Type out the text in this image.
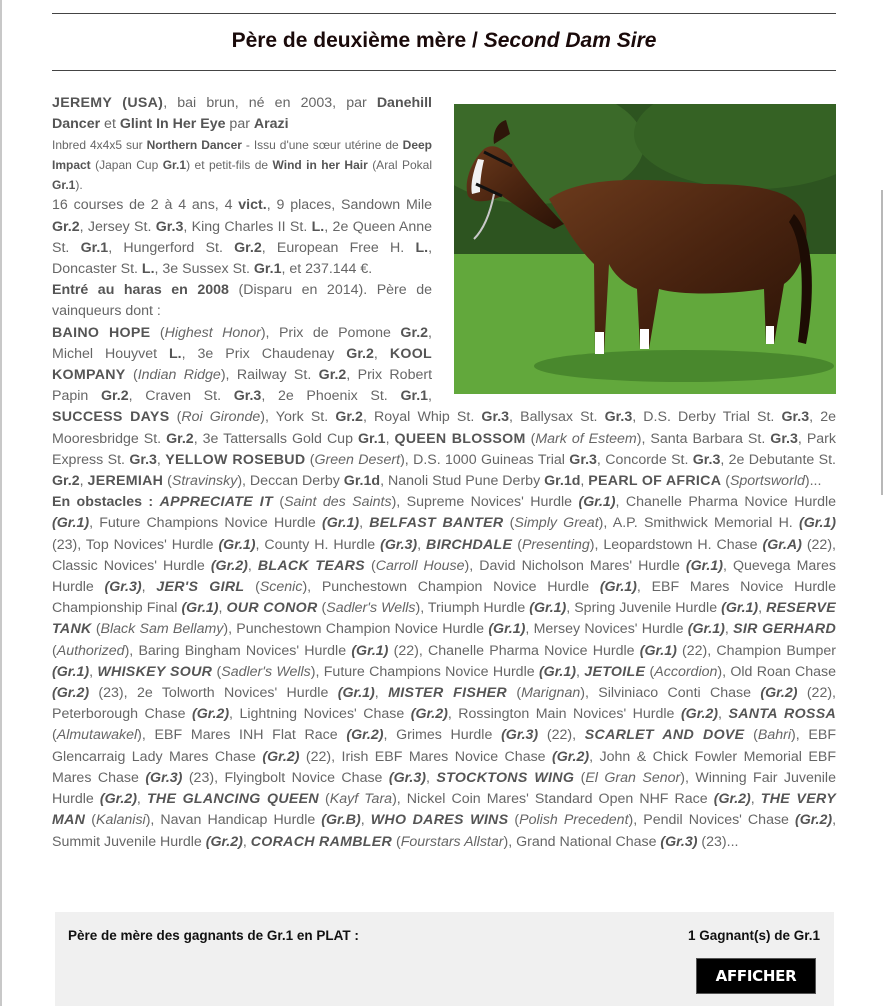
Père de deuxième mère / Second Dam Sire
JEREMY (USA), bai brun, né en 2003, par Danehill Dancer et Glint In Her Eye par Arazi
Inbred 4x4x5 sur Northern Dancer - Issu d'une sœur utérine de Deep Impact (Japan Cup Gr.1) et petit-fils de Wind in her Hair (Aral Pokal Gr.1).
16 courses de 2 à 4 ans, 4 vict., 9 places, Sandown Mile Gr.2, Jersey St. Gr.3, King Charles II St. L., 2e Queen Anne St. Gr.1, Hungerford St. Gr.2, European Free H. L., Doncaster St. L., 3e Sussex St. Gr.1, et 237.144 €.
Entré au haras en 2008 (Disparu en 2014). Père de vainqueurs dont :
BAINO HOPE (Highest Honor), Prix de Pomone Gr.2, Michel Houyvet L., 3e Prix Chaudenay Gr.2, KOOL KOMPANY (Indian Ridge), Railway St. Gr.2, Prix Robert Papin Gr.2, Craven St. Gr.3, 2e Phoenix St. Gr.1, SUCCESS DAYS (Roi Gironde), York St. Gr.2, Royal Whip St. Gr.3, Ballysax St. Gr.3, D.S. Derby Trial St. Gr.3, 2e Mooresbridge St. Gr.2, 3e Tattersalls Gold Cup Gr.1, QUEEN BLOSSOM (Mark of Esteem), Santa Barbara St. Gr.3, Park Express St. Gr.3, YELLOW ROSEBUD (Green Desert), D.S. 1000 Guineas Trial Gr.3, Concorde St. Gr.3, 2e Debutante St. Gr.2, JEREMIAH (Stravinsky), Deccan Derby Gr.1d, Nanoli Stud Pune Derby Gr.1d, PEARL OF AFRICA (Sportsworld)...
En obstacles : APPRECIATE IT (Saint des Saints), Supreme Novices' Hurdle (Gr.1), Chanelle Pharma Novice Hurdle (Gr.1), Future Champions Novice Hurdle (Gr.1), BELFAST BANTER (Simply Great), A.P. Smithwick Memorial H. (Gr.1) (23), Top Novices' Hurdle (Gr.1), County H. Hurdle (Gr.3), BIRCHDALE (Presenting), Leopardstown H. Chase (Gr.A) (22), Classic Novices' Hurdle (Gr.2), BLACK TEARS (Carroll House), David Nicholson Mares' Hurdle (Gr.1), Quevega Mares Hurdle (Gr.3), JER'S GIRL (Scenic), Punchestown Champion Novice Hurdle (Gr.1), EBF Mares Novice Hurdle Championship Final (Gr.1), OUR CONOR (Sadler's Wells), Triumph Hurdle (Gr.1), Spring Juvenile Hurdle (Gr.1), RESERVE TANK (Black Sam Bellamy), Punchestown Champion Novice Hurdle (Gr.1), Mersey Novices' Hurdle (Gr.1), SIR GERHARD (Authorized), Baring Bingham Novices' Hurdle (Gr.1) (22), Chanelle Pharma Novice Hurdle (Gr.1) (22), Champion Bumper (Gr.1), WHISKEY SOUR (Sadler's Wells), Future Champions Novice Hurdle (Gr.1), JETOILE (Accordion), Old Roan Chase (Gr.2) (23), 2e Tolworth Novices' Hurdle (Gr.1), MISTER FISHER (Marignan), Silviniaco Conti Chase (Gr.2) (22), Peterborough Chase (Gr.2), Lightning Novices' Chase (Gr.2), Rossington Main Novices' Hurdle (Gr.2), SANTA ROSSA (Almutawakel), EBF Mares INH Flat Race (Gr.2), Grimes Hurdle (Gr.3) (22), SCARLET AND DOVE (Bahri), EBF Glencarraig Lady Mares Chase (Gr.2) (22), Irish EBF Mares Novice Chase (Gr.2), John & Chick Fowler Memorial EBF Mares Chase (Gr.3) (23), Flyingbolt Novice Chase (Gr.3), STOCKTONS WING (El Gran Senor), Winning Fair Juvenile Hurdle (Gr.2), THE GLANCING QUEEN (Kayf Tara), Nickel Coin Mares' Standard Open NHF Race (Gr.2), THE VERY MAN (Kalanisi), Navan Handicap Hurdle (Gr.B), WHO DARES WINS (Polish Precedent), Pendil Novices' Chase (Gr.2), Summit Juvenile Hurdle (Gr.2), CORACH RAMBLER (Fourstars Allstar), Grand National Chase (Gr.3) (23)...
Père de mère des gagnants de Gr.1 en PLAT :	1 Gagnant(s) de Gr.1
AFFICHER
